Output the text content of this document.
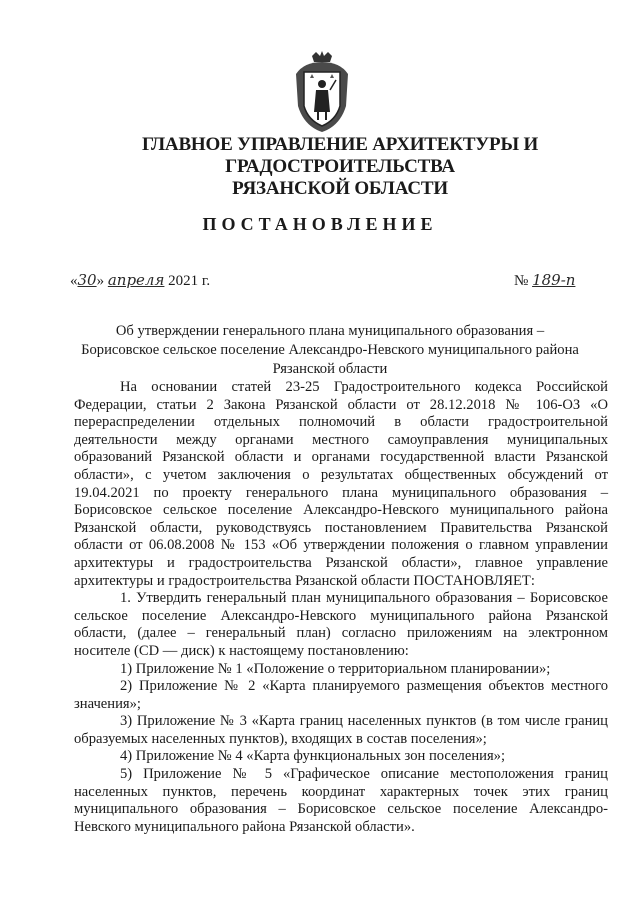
ГЛАВНОЕ УПРАВЛЕНИЕ АРХИТЕКТУРЫ И ГРАДОСТРОИТЕЛЬСТВА
РЯЗАНСКОЙ ОБЛАСТИ
ПОСТАНОВЛЕНИЕ
«30» апреля 2021 г.	№ 189-п
Об утверждении генерального плана муниципального образования –
Борисовское сельское поселение Александро-Невского муниципального района
Рязанской области

На основании статей 23-25 Градостроительного кодекса Российской Федерации, статьи 2 Закона Рязанской области от 28.12.2018 № 106-ОЗ «О перераспределении отдельных полномочий в области градостроительной деятельности между органами местного самоуправления муниципальных образований Рязанской области и органами государственной власти Рязанской области», с учетом заключения о результатах общественных обсуждений от 19.04.2021 по проекту генерального плана муниципального образования – Борисовское сельское поселение Александро-Невского муниципального района Рязанской области, руководствуясь постановлением Правительства Рязанской области от 06.08.2008 № 153 «Об утверждении положения о главном управлении архитектуры и градостроительства Рязанской области», главное управление архитектуры и градостроительства Рязанской области ПОСТАНОВЛЯЕТ:

1. Утвердить генеральный план муниципального образования – Борисовское сельское поселение Александро-Невского муниципального района Рязанской области, (далее – генеральный план) согласно приложениям на электронном носителе (CD — диск) к настоящему постановлению:

1) Приложение № 1 «Положение о территориальном планировании»;

2) Приложение № 2 «Карта планируемого размещения объектов местного значения»;

3) Приложение № 3 «Карта границ населенных пунктов (в том числе границ образуемых населенных пунктов), входящих в состав поселения»;

4) Приложение № 4 «Карта функциональных зон поселения»;

5) Приложение № 5 «Графическое описание местоположения границ населенных пунктов, перечень координат характерных точек этих границ муниципального образования – Борисовское сельское поселение Александро-Невского муниципального района Рязанской области».
